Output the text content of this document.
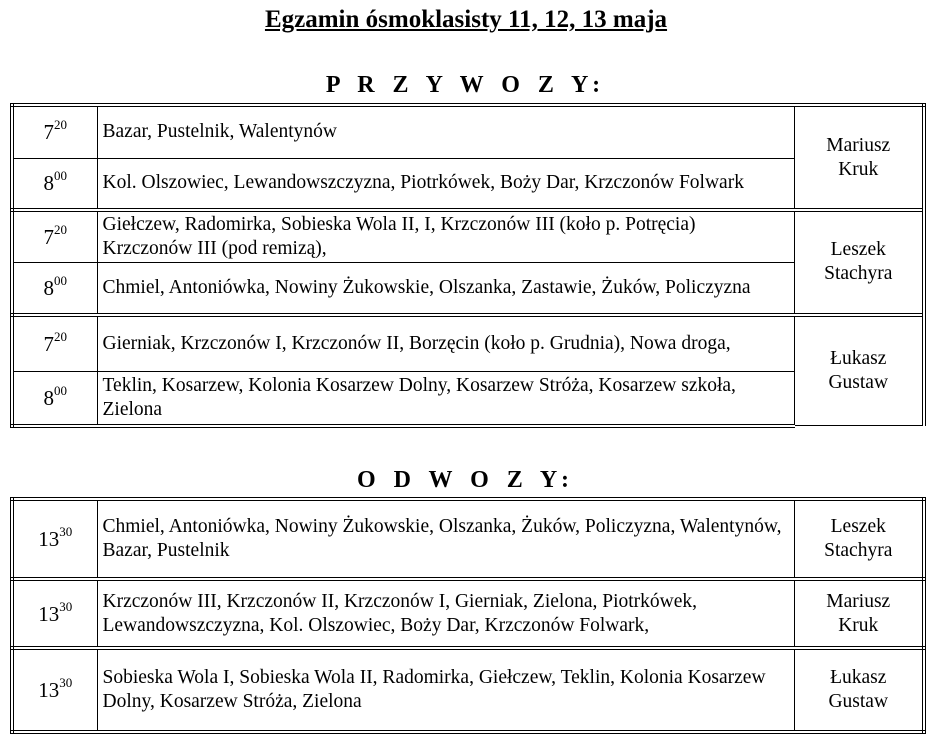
Egzamin ósmoklasisty 11, 12, 13 maja
P R Z Y W O Z Y:
$7^{20}$	Bazar, Pustelnik, Walentynów	Mariusz
Kruk

$8^{00}$	Kol. Olszowiec, Lewandowszczyzna, Piotrkówek, Boży Dar, Krzczonów Folwark	
$7^{20}$	Giełczew, Radomirka, Sobieska Wola II, I, Krzczonów III (koło p. Potręcia) Krzczonów III (pod remizą),	Leszek
Stachyra

$8^{00}$	Chmiel, Antoniówka, Nowiny Żukowskie, Olszanka, Zastawie, Żuków, Policzyzna	
$7^{20}$	Gierniak, Krzczonów I, Krzczonów II, Borzęcin (koło p. Grudnia), Nowa droga,	Łukasz
Gustaw

$8^{00}$	Teklin, Kosarzew, Kolonia Kosarzew Dolny, Kosarzew Stróża, Kosarzew szkoła, Zielona	
O D W O Z Y:
$13^{30}$	Chmiel, Antoniówka, Nowiny Żukowskie, Olszanka, Żuków, Policzyzna, Walentynów, Bazar, Pustelnik	Leszek
Stachyra

$13^{30}$	Krzczonów III, Krzczonów II, Krzczonów I, Gierniak, Zielona, Piotrkówek, Lewandowszczyzna, Kol. Olszowiec, Boży Dar, Krzczonów Folwark,	Mariusz
Kruk

$13^{30}$	Sobieska Wola I, Sobieska Wola II, Radomirka, Giełczew, Teklin, Kolonia Kosarzew Dolny, Kosarzew Stróża, Zielona	Łukasz
Gustaw
